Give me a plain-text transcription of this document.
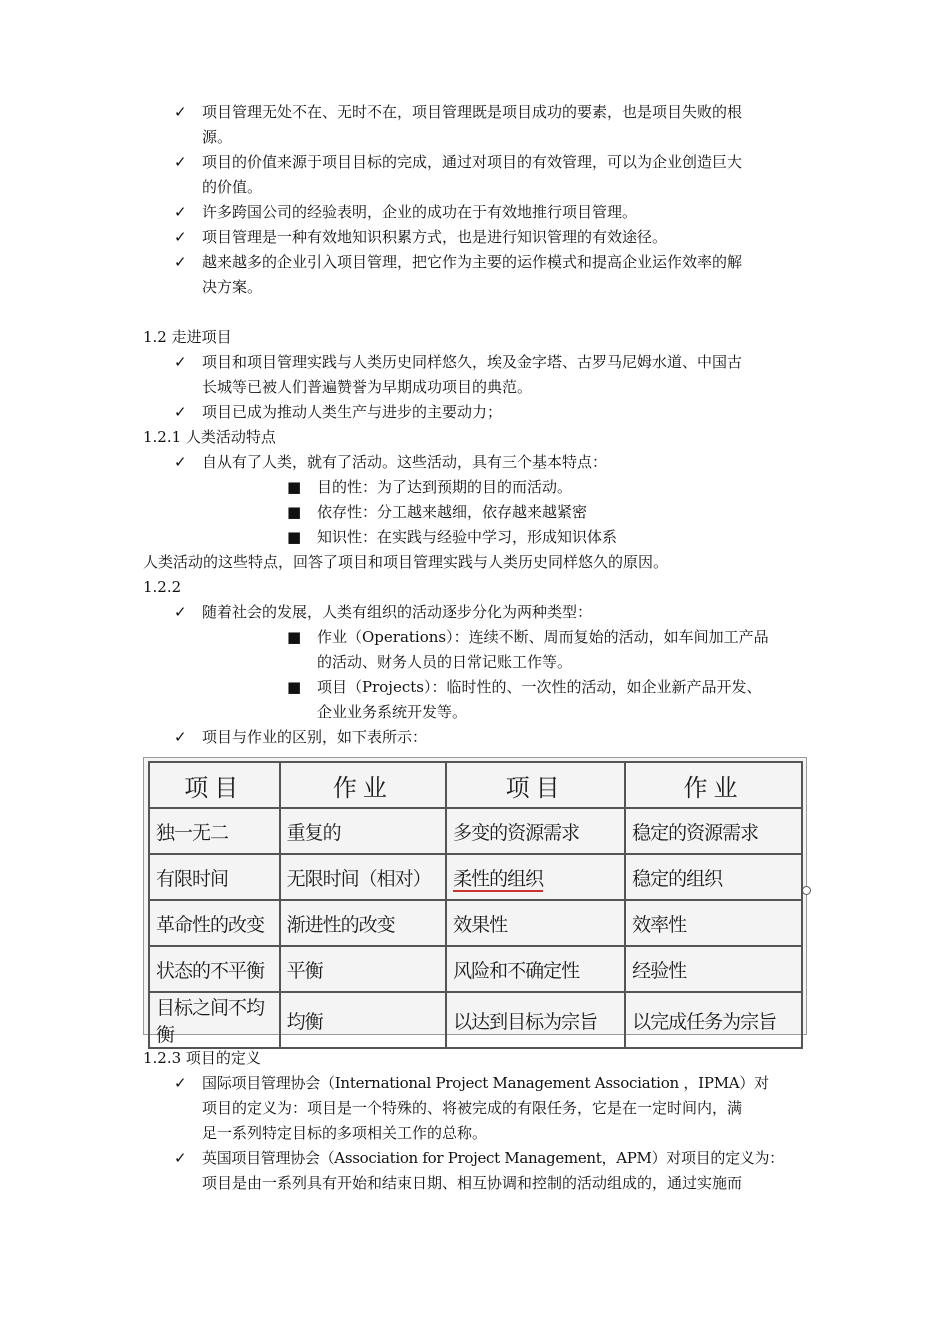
✓ 项目管理无处不在、无时不在，项目管理既是项目成功的要素，也是项目失败的根
源。
✓ 项目的价值来源于项目目标的完成，通过对项目的有效管理，可以为企业创造巨大
的价值。
✓ 许多跨国公司的经验表明，企业的成功在于有效地推行项目管理。
✓ 项目管理是一种有效地知识积累方式，也是进行知识管理的有效途径。
✓ 越来越多的企业引入项目管理，把它作为主要的运作模式和提高企业运作效率的解
决方案。
1.2 走进项目
✓ 项目和项目管理实践与人类历史同样悠久，埃及金字塔、古罗马尼姆水道、中国古
长城等已被人们普遍赞誉为早期成功项目的典范。
✓ 项目已成为推动人类生产与进步的主要动力；
1.2.1 人类活动特点
✓ 自从有了人类，就有了活动。这些活动，具有三个基本特点：
■ 目的性：为了达到预期的目的而活动。
■ 依存性：分工越来越细，依存越来越紧密
■ 知识性：在实践与经验中学习，形成知识体系
人类活动的这些特点，回答了项目和项目管理实践与人类历史同样悠久的原因。
1.2.2
✓ 随着社会的发展，人类有组织的活动逐步分化为两种类型：
■ 作业（Operations）：连续不断、周而复始的活动，如车间加工产品
的活动、财务人员的日常记账工作等。
■ 项目（Projects）：临时性的、一次性的活动，如企业新产品开发、
企业业务系统开发等。
✓ 项目与作业的区别，如下表所示：
项目	作业	项目	作业
独一无二	重复的	多变的资源需求	稳定的资源需求
有限时间	无限时间（相对）	柔性的组织	稳定的组织
革命性的改变	渐进性的改变	效果性	效率性
状态的不平衡	平衡	风险和不确定性	经验性
目标之间不均衡	均衡	以达到目标为宗旨	以完成任务为宗旨
1.2.3 项目的定义
✓ 国际项目管理协会（International Project Management Association ，IPMA）对
项目的定义为：项目是一个特殊的、将被完成的有限任务，它是在一定时间内，满
足一系列特定目标的多项相关工作的总称。
✓ 英国项目管理协会（Association for Project Management，APM）对项目的定义为：
项目是由一系列具有开始和结束日期、相互协调和控制的活动组成的，通过实施而
